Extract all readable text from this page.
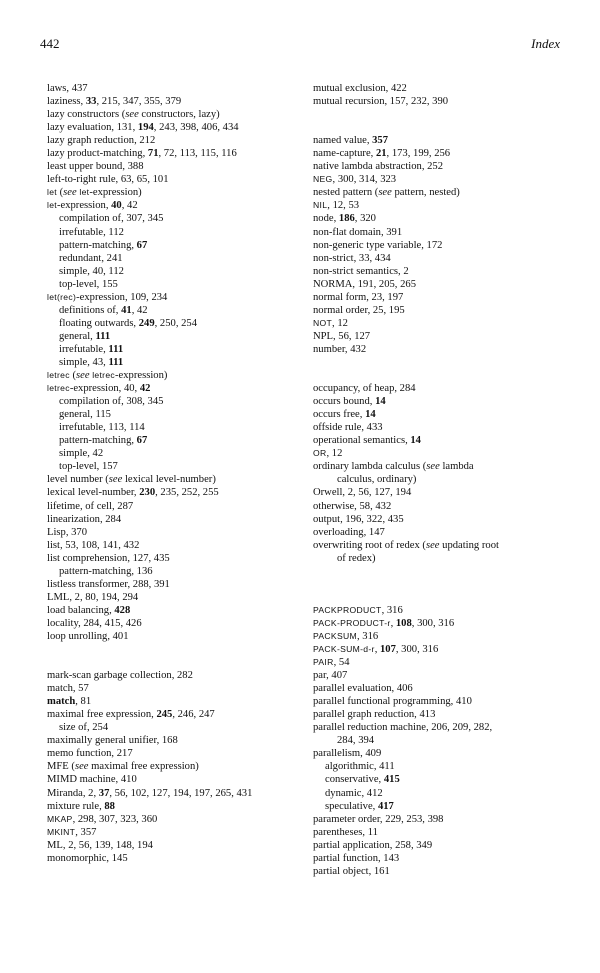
442	Index
laws, 437
laziness, 33, 215, 347, 355, 379
lazy constructors (see constructors, lazy)
lazy evaluation, 131, 194, 243, 398, 406, 434
lazy graph reduction, 212
lazy product-matching, 71, 72, 113, 115, 116
least upper bound, 388
left-to-right rule, 63, 65, 101
let (see let-expression)
let-expression, 40, 42
compilation of, 307, 345
irrefutable, 112
pattern-matching, 67
redundant, 241
simple, 40, 112
top-level, 155
let(rec)-expression, 109, 234
definitions of, 41, 42
floating outwards, 249, 250, 254
general, 111
irrefutable, 111
simple, 43, 111
letrec (see letrec-expression)
letrec-expression, 40, 42
compilation of, 308, 345
general, 115
irrefutable, 113, 114
pattern-matching, 67
simple, 42
top-level, 157
level number (see lexical level-number)
lexical level-number, 230, 235, 252, 255
lifetime, of cell, 287
linearization, 284
Lisp, 370
list, 53, 108, 141, 432
list comprehension, 127, 435
pattern-matching, 136
listless transformer, 288, 391
LML, 2, 80, 194, 294
load balancing, 428
locality, 284, 415, 426
loop unrolling, 401
mark-scan garbage collection, 282
match, 57
match, 81
maximal free expression, 245, 246, 247
size of, 254
maximally general unifier, 168
memo function, 217
MFE (see maximal free expression)
MIMD machine, 410
Miranda, 2, 37, 56, 102, 127, 194, 197, 265, 431
mixture rule, 88
MKAP, 298, 307, 323, 360
MKINT, 357
ML, 2, 56, 139, 148, 194
monomorphic, 145
mutual exclusion, 422
mutual recursion, 157, 232, 390
named value, 357
name-capture, 21, 173, 199, 256
native lambda abstraction, 252
NEG, 300, 314, 323
nested pattern (see pattern, nested)
NIL, 12, 53
node, 186, 320
non-flat domain, 391
non-generic type variable, 172
non-strict, 33, 434
non-strict semantics, 2
NORMA, 191, 205, 265
normal form, 23, 197
normal order, 25, 195
NOT, 12
NPL, 56, 127
number, 432
occupancy, of heap, 284
occurs bound, 14
occurs free, 14
offside rule, 433
operational semantics, 14
OR, 12
ordinary lambda calculus (see lambda
calculus, ordinary)
Orwell, 2, 56, 127, 194
otherwise, 58, 432
output, 196, 322, 435
overloading, 147
overwriting root of redex (see updating root
of redex)
PACKPRODUCT, 316
PACK-PRODUCT-r, 108, 300, 316
PACKSUM, 316
PACK-SUM-d-r, 107, 300, 316
PAIR, 54
par, 407
parallel evaluation, 406
parallel functional programming, 410
parallel graph reduction, 413
parallel reduction machine, 206, 209, 282,
284, 394
parallelism, 409
algorithmic, 411
conservative, 415
dynamic, 412
speculative, 417
parameter order, 229, 253, 398
parentheses, 11
partial application, 258, 349
partial function, 143
partial object, 161
